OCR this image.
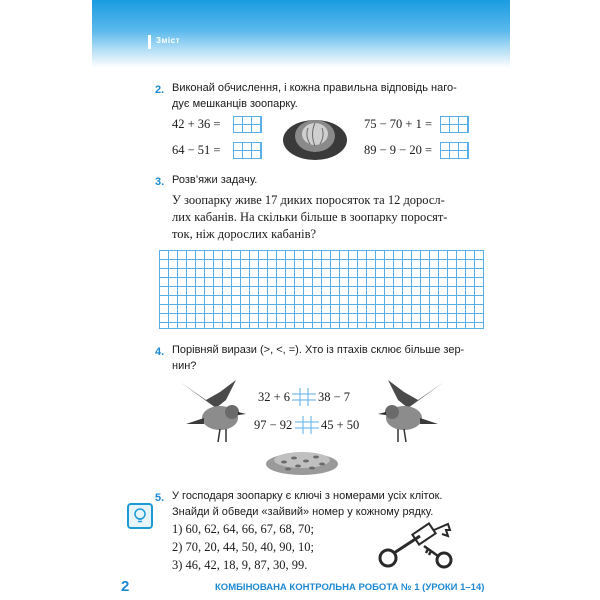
Зміст
2. Виконай обчислення, і кожна правильна відповідь наго-
дує мешканців зоопарку.
42 + 36 =
64 − 51 =
75 − 70 + 1 =
89 − 9 − 20 =
3. Розв’яжи задачу.
У зоопарку живе 17 диких поросяток та 12 доросл-
лих кабанів. На скільки більше в зоопарку поросят-
ток, ніж дорослих кабанів?
4. Порівняй вирази (>, <, =). Хто із птахів склює більше зер-
нин?
32 + 6 38 − 7
97 − 92 45 + 50
5. У господаря зоопарку є ключі з номерами усіх кліток.
Знайди й обведи «зайвий» номер у кожному рядку.
1) 60, 62, 64, 66, 67, 68, 70;
2) 70, 20, 44, 50, 40, 90, 10;
3) 46, 42, 18, 9, 87, 30, 99.
2	КОМБІНОВАНА КОНТРОЛЬНА РОБОТА № 1 (УРОКИ 1–14)
